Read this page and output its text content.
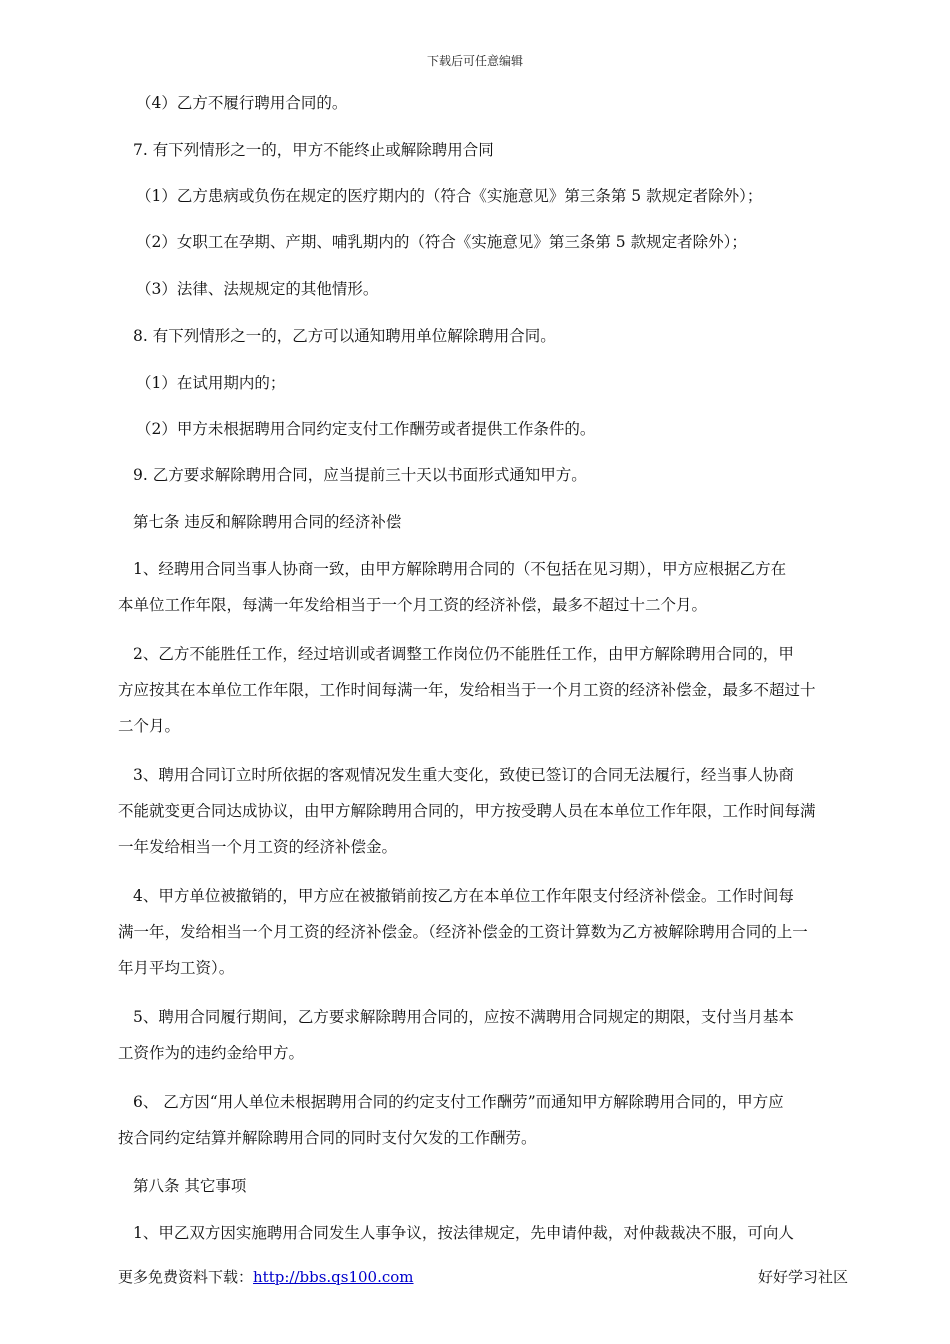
下载后可任意编辑
（4）乙方不履行聘用合同的。
7. 有下列情形之一的，甲方不能终止或解除聘用合同
（1）乙方患病或负伤在规定的医疗期内的（符合《实施意见》第三条第 5 款规定者除外）；
（2）女职工在孕期、产期、哺乳期内的（符合《实施意见》第三条第 5 款规定者除外）；
（3）法律、法规规定的其他情形。
8. 有下列情形之一的，乙方可以通知聘用单位解除聘用合同。
（1）在试用期内的；
（2）甲方未根据聘用合同约定支付工作酬劳或者提供工作条件的。
9. 乙方要求解除聘用合同，应当提前三十天以书面形式通知甲方。
第七条 违反和解除聘用合同的经济补偿
1、经聘用合同当事人协商一致，由甲方解除聘用合同的（不包括在见习期），甲方应根据乙方在
本单位工作年限，每满一年发给相当于一个月工资的经济补偿，最多不超过十二个月。
2、乙方不能胜任工作，经过培训或者调整工作岗位仍不能胜任工作，由甲方解除聘用合同的，甲
方应按其在本单位工作年限，工作时间每满一年，发给相当于一个月工资的经济补偿金，最多不超过十
二个月。
3、聘用合同订立时所依据的客观情况发生重大变化，致使已签订的合同无法履行，经当事人协商
不能就变更合同达成协议，由甲方解除聘用合同的，甲方按受聘人员在本单位工作年限，工作时间每满
一年发给相当一个月工资的经济补偿金。
4、甲方单位被撤销的，甲方应在被撤销前按乙方在本单位工作年限支付经济补偿金。工作时间每
满一年，发给相当一个月工资的经济补偿金。（经济补偿金的工资计算数为乙方被解除聘用合同的上一
年月平均工资）。
5、聘用合同履行期间，乙方要求解除聘用合同的，应按不满聘用合同规定的期限，支付当月基本
工资作为的违约金给甲方。
6、 乙方因“用人单位未根据聘用合同的约定支付工作酬劳”而通知甲方解除聘用合同的，甲方应
按合同约定结算并解除聘用合同的同时支付欠发的工作酬劳。
第八条 其它事项
1、甲乙双方因实施聘用合同发生人事争议，按法律规定，先申请仲裁，对仲裁裁决不服，可向人
更多免费资料下载：http://bbs.qs100.com	好好学习社区
